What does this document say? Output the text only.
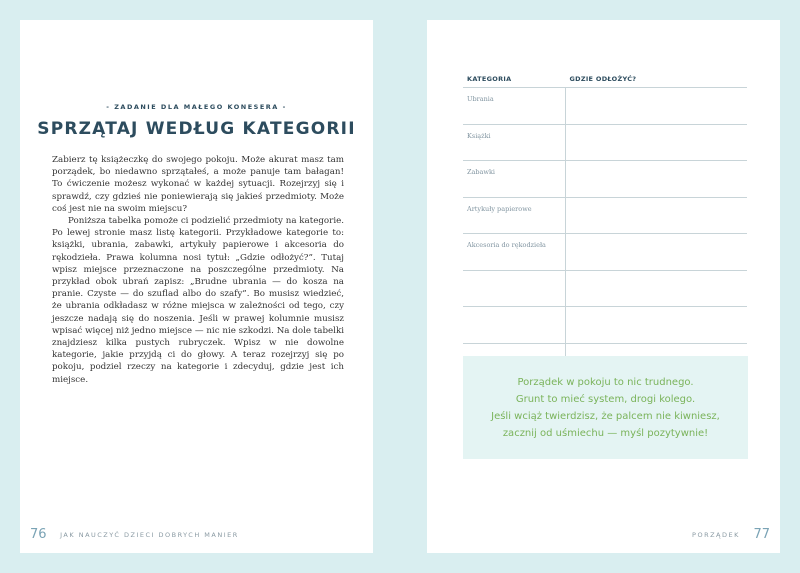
- ZADANIE DLA MAŁEGO KONESERA -
SPRZĄTAJ WEDŁUG KATEGORII

Zabierz tę książeczkę do swojego pokoju. Może akurat masz tam porządek, bo niedawno sprzątałeś, a może panuje tam bałagan! To ćwiczenie możesz wykonać w każdej sytuacji. Rozejrzyj się i sprawdź, czy gdzieś nie poniewierają się jakieś przedmioty. Może coś jest nie na swoim miejscu?

Poniższa tabelka pomoże ci podzielić przedmioty na kategorie. Po lewej stronie masz listę kategorii. Przykładowe kategorie to: książki, ubrania, zabawki, artykuły papierowe i akcesoria do rękodzieła. Prawa kolumna nosi tytuł: „Gdzie odłożyć?”. Tutaj wpisz miejsce przeznaczone na poszczególne przedmioty. Na przykład obok ubrań zapisz: „Brudne ubrania — do kosza na pranie. Czyste — do szuflad albo do szafy”. Bo musisz wiedzieć, że ubrania odkładasz w różne miejsca w zależności od tego, czy jeszcze nadają się do noszenia. Jeśli w prawej kolumnie musisz wpisać więcej niż jedno miejsce — nic nie szkodzi. Na dole tabelki znajdziesz kilka pustych rubryczek. Wpisz w nie dowolne kategorie, jakie przyjdą ci do głowy. A teraz rozejrzyj się po pokoju, podziel rzeczy na kategorie i zdecyduj, gdzie jest ich miejsce.

76 JAK NAUCZYĆ DZIECI DOBRYCH MANIER
KATEGORIA	GDZIE ODŁOŻYĆ?
Ubrania	
Książki	
Zabawki	
Artykuły papierowe	
Akcesoria do rękodzieła	

Porządek w pokoju to nic trudnego.
Grunt to mieć system, drogi kolego.
Jeśli wciąż twierdzisz, że palcem nie kiwniesz,
zacznij od uśmiechu — myśl pozytywnie!
PORZĄDEK 77
